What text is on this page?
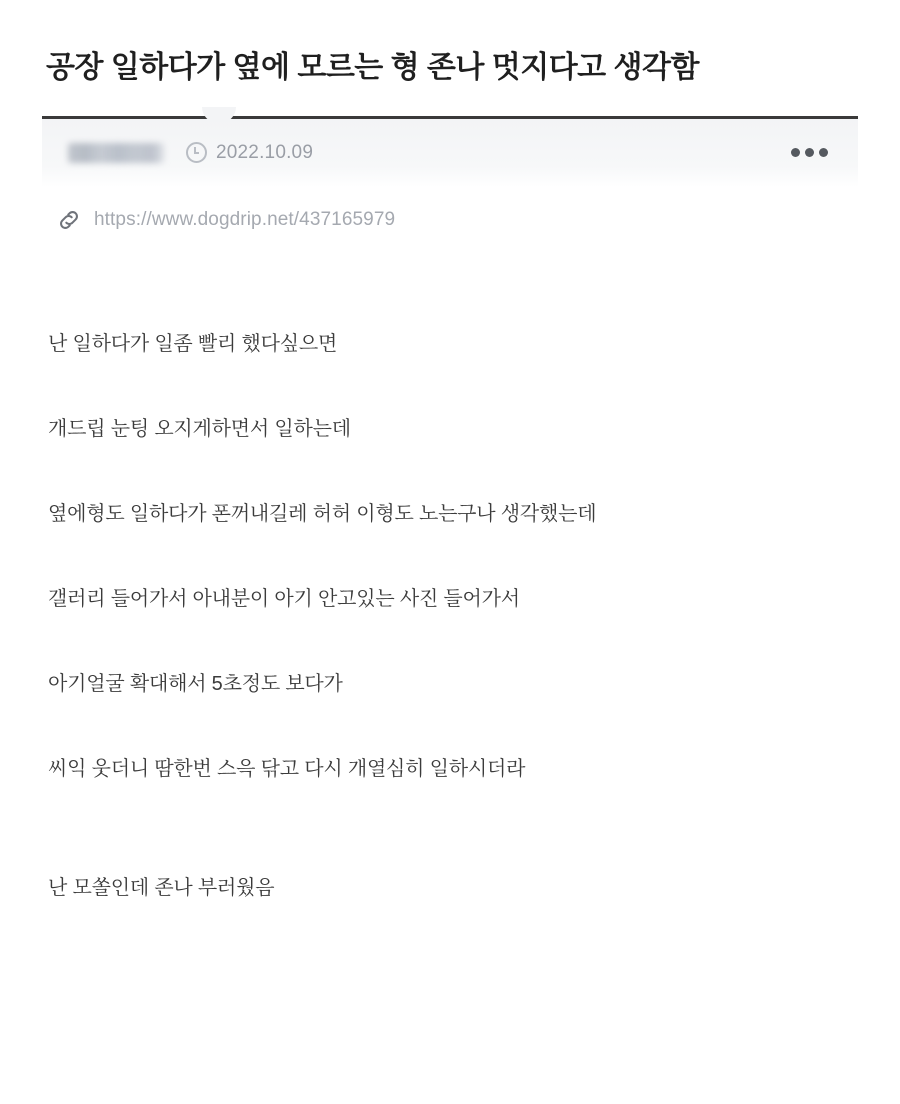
공장 일하다가 옆에 모르는 형 존나 멋지다고 생각함
2022.10.09
https://www.dogdrip.net/437165979

난 일하다가 일좀 빨리 했다싶으면

개드립 눈팅 오지게하면서 일하는데

옆에형도 일하다가 폰꺼내길레 허허 이형도 노는구나 생각했는데

갤러리 들어가서 아내분이 아기 안고있는 사진 들어가서

아기얼굴 확대해서 5초정도 보다가

씨익 웃더니 땀한번 스윽 닦고 다시 개열심히 일하시더라

난 모쏠인데 존나 부러웠음
